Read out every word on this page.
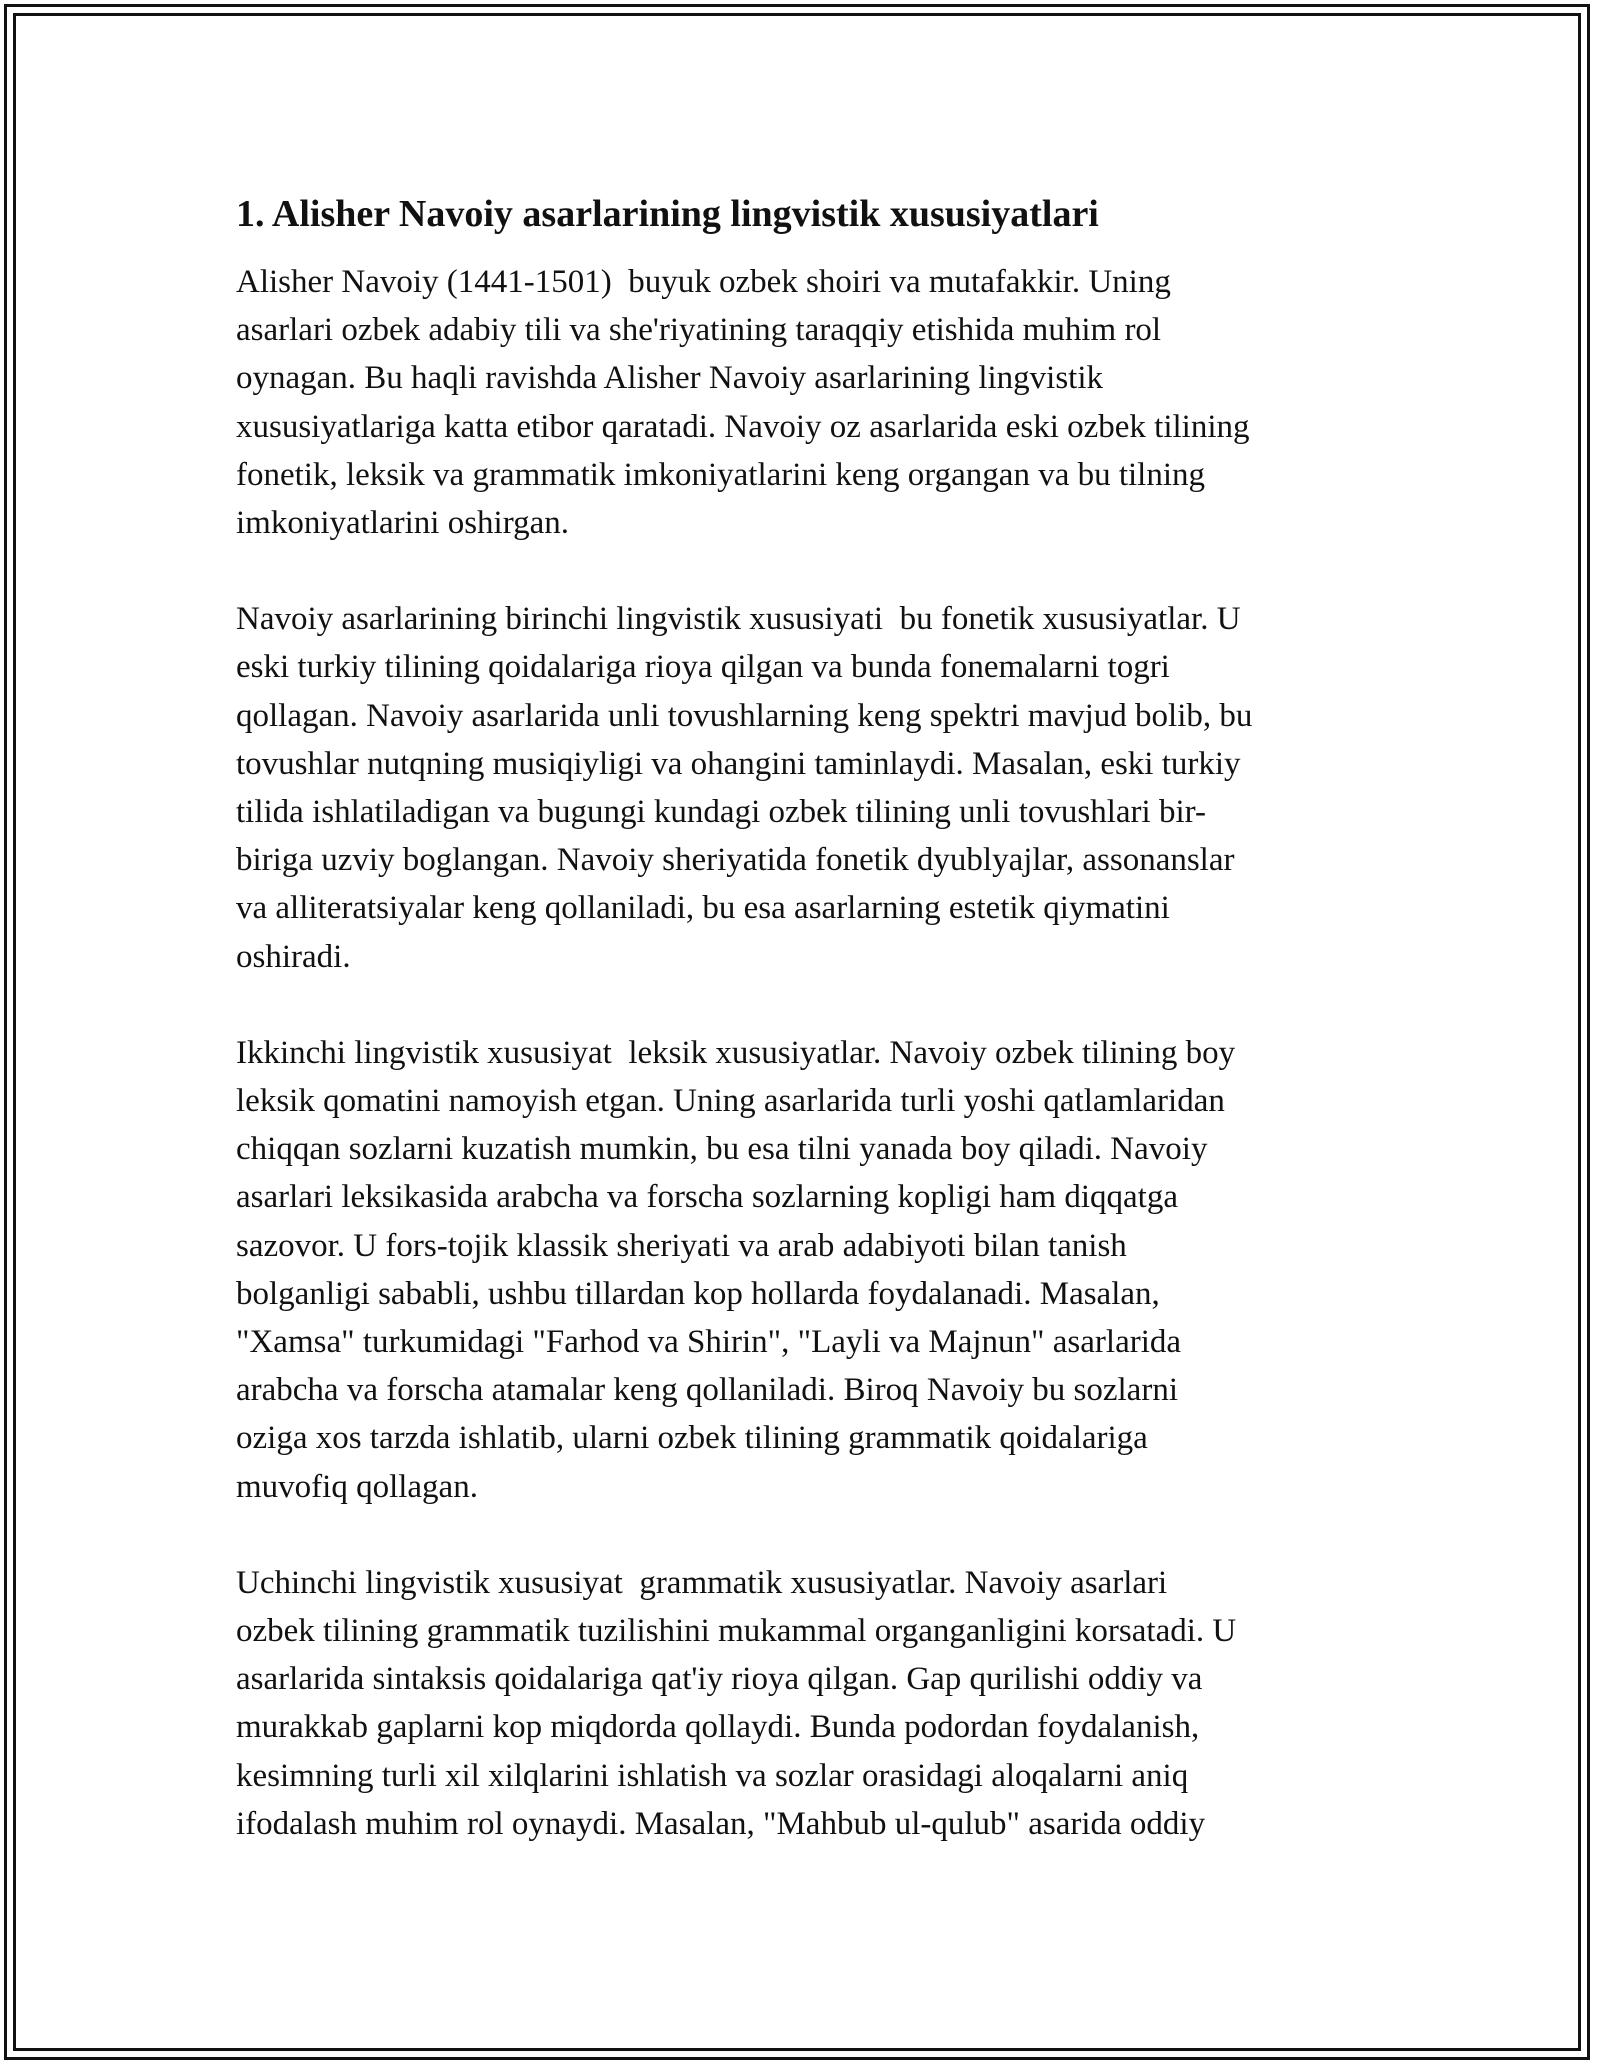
1. Alisher Navoiy asarlarining lingvistik xususiyatlari

Alisher Navoiy (1441-1501)  buyuk ozbek shoiri va mutafakkir. Uning
asarlari ozbek adabiy tili va she'riyatining taraqqiy etishida muhim rol
oynagan. Bu haqli ravishda Alisher Navoiy asarlarining lingvistik
xususiyatlariga katta etibor qaratadi. Navoiy oz asarlarida eski ozbek tilining
fonetik, leksik va grammatik imkoniyatlarini keng organgan va bu tilning
imkoniyatlarini oshirgan.

Navoiy asarlarining birinchi lingvistik xususiyati  bu fonetik xususiyatlar. U
eski turkiy tilining qoidalariga rioya qilgan va bunda fonemalarni togri
qollagan. Navoiy asarlarida unli tovushlarning keng spektri mavjud bolib, bu
tovushlar nutqning musiqiyligi va ohangini taminlaydi. Masalan, eski turkiy
tilida ishlatiladigan va bugungi kundagi ozbek tilining unli tovushlari bir-
biriga uzviy boglangan. Navoiy sheriyatida fonetik dyublyajlar, assonanslar
va alliteratsiyalar keng qollaniladi, bu esa asarlarning estetik qiymatini
oshiradi.

Ikkinchi lingvistik xususiyat  leksik xususiyatlar. Navoiy ozbek tilining boy
leksik qomatini namoyish etgan. Uning asarlarida turli yoshi qatlamlaridan
chiqqan sozlarni kuzatish mumkin, bu esa tilni yanada boy qiladi. Navoiy
asarlari leksikasida arabcha va forscha sozlarning kopligi ham diqqatga
sazovor. U fors-tojik klassik sheriyati va arab adabiyoti bilan tanish
bolganligi sababli, ushbu tillardan kop hollarda foydalanadi. Masalan,
"Xamsa" turkumidagi "Farhod va Shirin", "Layli va Majnun" asarlarida
arabcha va forscha atamalar keng qollaniladi. Biroq Navoiy bu sozlarni
oziga xos tarzda ishlatib, ularni ozbek tilining grammatik qoidalariga
muvofiq qollagan.

Uchinchi lingvistik xususiyat  grammatik xususiyatlar. Navoiy asarlari
ozbek tilining grammatik tuzilishini mukammal organganligini korsatadi. U
asarlarida sintaksis qoidalariga qat'iy rioya qilgan. Gap qurilishi oddiy va
murakkab gaplarni kop miqdorda qollaydi. Bunda podordan foydalanish,
kesimning turli xil xilqlarini ishlatish va sozlar orasidagi aloqalarni aniq
ifodalash muhim rol oynaydi. Masalan, "Mahbub ul-qulub" asarida oddiy
